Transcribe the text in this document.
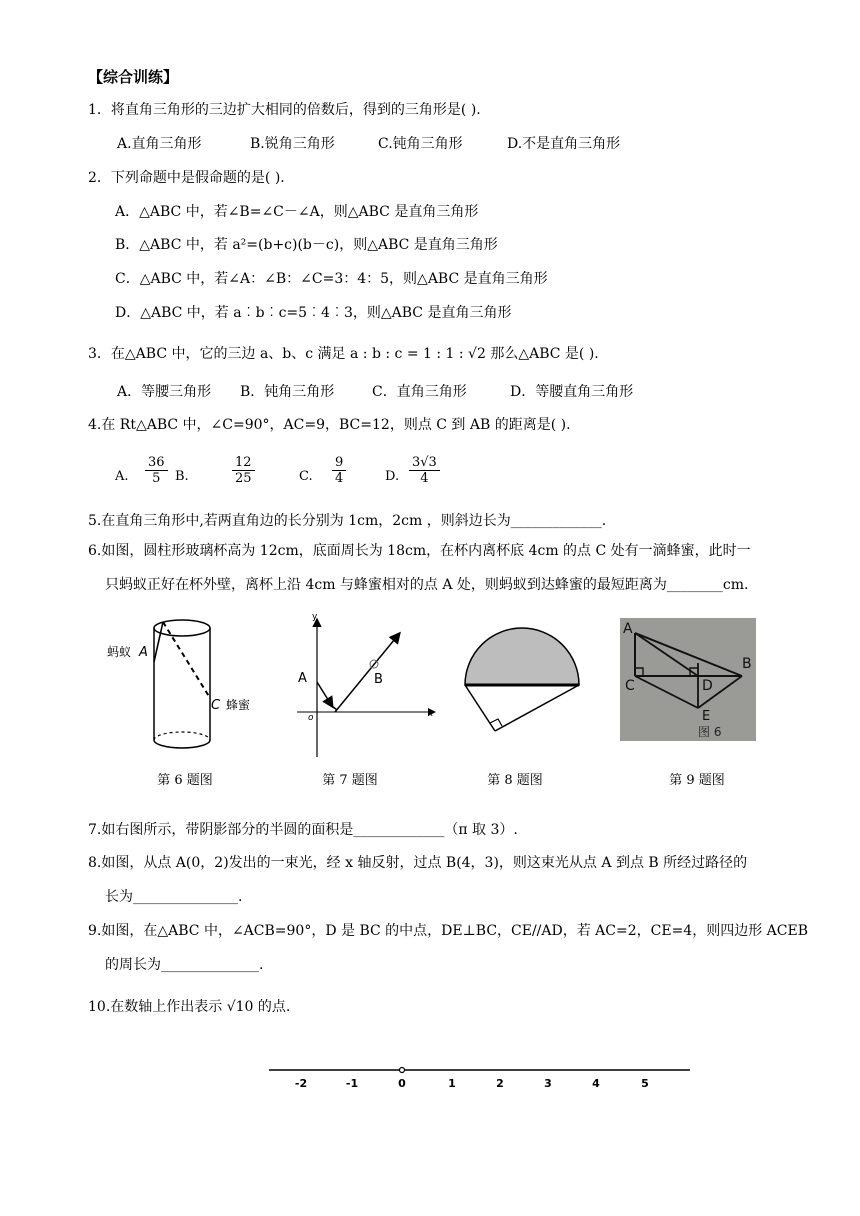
【综合训练】
1．将直角三角形的三边扩大相同的倍数后，得到的三角形是( ).
A.直角三角形	B.锐角三角形	C.钝角三角形	D.不是直角三角形
2．下列命题中是假命题的是( ).
A．△ABC 中，若∠B=∠C－∠A，则△ABC 是直角三角形
B．△ABC 中，若 a²=(b+c)(b－c)，则△ABC 是直角三角形
C．△ABC 中，若∠A：∠B：∠C=3：4：5，则△ABC 是直角三角形
D．△ABC 中，若 a︰b︰c=5︰4︰3，则△ABC 是直角三角形
3．在△ABC 中，它的三边 a、b、c 满足 a : b : c = 1 : 1 : √2 那么△ABC 是( ).
A．等腰三角形 B．钝角三角形	C．直角三角形	D．等腰直角三角形
4.在 Rt△ABC 中，∠C=90°，AC=9，BC=12，则点 C 到 AB 的距离是( ).
A. $\frac{36}{5} B$.	$\frac{12}{25}$	C. $\frac{9}{4}$	D. $\frac{3√3}{4}$
5.在直角三角形中,若两直角边的长分别为 1cm，2cm ，则斜边长为_____________.
6.如图，圆柱形玻璃杯高为 12cm，底面周长为 18cm，在杯内离杯底 4cm 的点 C 处有一滴蜂蜜，此时一
只蚂蚁正好在杯外壁，离杯上沿 4cm 与蜂蜜相对的点 A 处，则蚂蚁到达蜂蜜的最短距离为________cm.
蚂蚁 A
C 蜂蜜
第 6 题图
y
x
o
A	B
第 7 题图	第 8 题图
A
B
C	D
E
图 6
第 9 题图
7.如右图所示，带阴影部分的半圆的面积是_____________（π 取 3）.
8.如图，从点 A(0，2)发出的一束光，经 x 轴反射，过点 B(4，3)，则这束光从点 A 到点 B 所经过路径的
长为_______________.
9.如图，在△ABC 中，∠ACB=90°，D 是 BC 的中点，DE⊥BC，CE//AD，若 AC=2，CE=4，则四边形 ACEB
的周长为______________.
10.在数轴上作出表示 √10 的点.
-2	-1	0	1	2	3	4	5
